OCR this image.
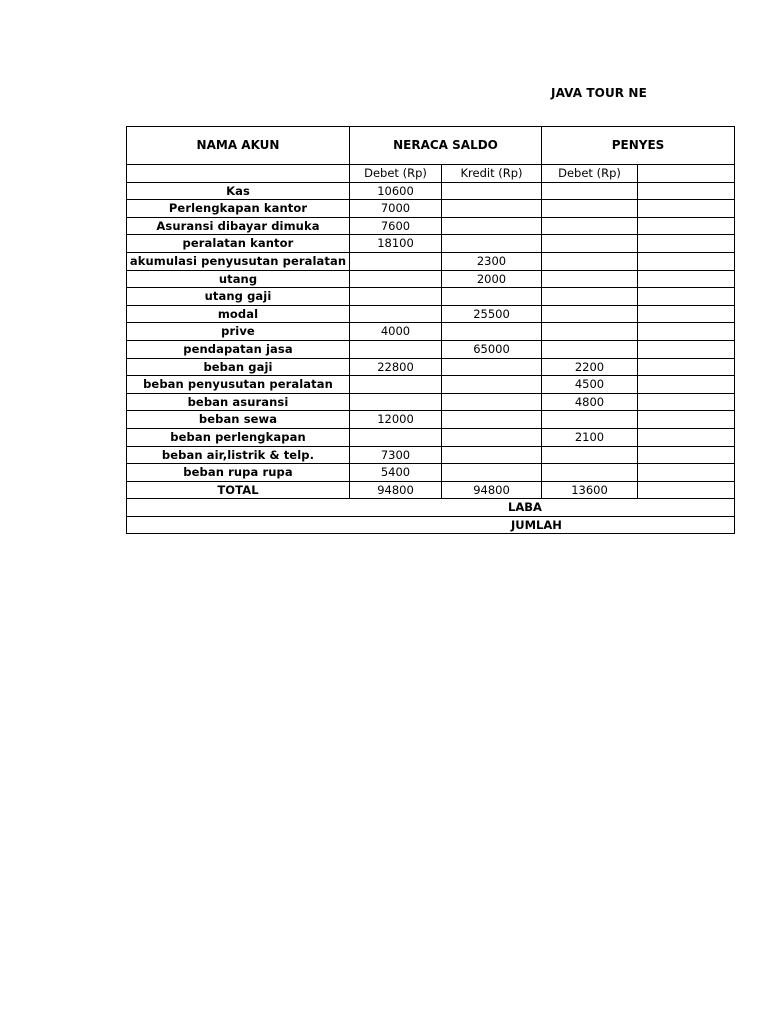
JAVA TOUR NE
NAMA AKUN	NERACA SALDO		PENYES	
	Debet (Rp)	Kredit (Rp)	Debet (Rp)	
Kas	10600			
Perlengkapan kantor	7000			
Asuransi dibayar dimuka	7600			
peralatan kantor	18100			
akumulasi penyusutan peralatan		2300		
utang		2000		
utang gaji				
modal		25500		
prive	4000			
pendapatan jasa		65000		
beban gaji	22800		2200	
beban penyusutan peralatan			4500	
beban asuransi			4800	
beban sewa	12000			
beban perlengkapan			2100	
beban air,listrik & telp.	7300			
beban rupa rupa	5400			
TOTAL	94800	94800	13600	
LABA				
JUMLAH				
